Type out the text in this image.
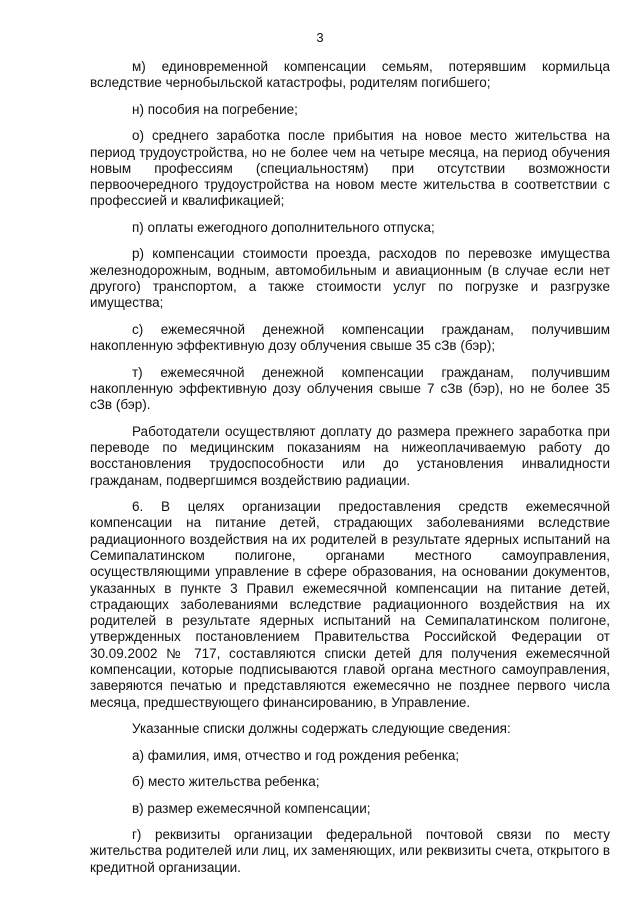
3

м) единовременной компенсации семьям, потерявшим кормильца вследствие чернобыльской катастрофы, родителям погибшего;

н) пособия на погребение;

о) среднего заработка после прибытия на новое место жительства на период трудоустройства, но не более чем на четыре месяца, на период обучения новым профессиям (специальностям) при отсутствии возможности первоочередного трудоустройства на новом месте жительства в соответствии с профессией и квалификацией;

п) оплаты ежегодного дополнительного отпуска;

р) компенсации стоимости проезда, расходов по перевозке имущества железнодорожным, водным, автомобильным и авиационным (в случае если нет другого) транспортом, а также стоимости услуг по погрузке и разгрузке имущества;

с) ежемесячной денежной компенсации гражданам, получившим накопленную эффективную дозу облучения свыше 35 сЗв (бэр);

т) ежемесячной денежной компенсации гражданам, получившим накопленную эффективную дозу облучения свыше 7 сЗв (бэр), но не более 35 сЗв (бэр).

Работодатели осуществляют доплату до размера прежнего заработка при переводе по медицинским показаниям на нижеоплачиваемую работу до восстановления трудоспособности или до установления инвалидности гражданам, подвергшимся воздействию радиации.

6. В целях организации предоставления средств ежемесячной компенсации на питание детей, страдающих заболеваниями вследствие радиационного воздействия на их родителей в результате ядерных испытаний на Семипалатинском полигоне, органами местного самоуправления, осуществляющими управление в сфере образования, на основании документов, указанных в пункте 3 Правил ежемесячной компенсации на питание детей, страдающих заболеваниями вследствие радиационного воздействия на их родителей в результате ядерных испытаний на Семипалатинском полигоне, утвержденных постановлением Правительства Российской Федерации от 30.09.2002 № 717, составляются списки детей для получения ежемесячной компенсации, которые подписываются главой органа местного самоуправления, заверяются печатью и представляются ежемесячно не позднее первого числа месяца, предшествующего финансированию, в Управление.

Указанные списки должны содержать следующие сведения:

а) фамилия, имя, отчество и год рождения ребенка;

б) место жительства ребенка;

в) размер ежемесячной компенсации;

г) реквизиты организации федеральной почтовой связи по месту жительства родителей или лиц, их заменяющих, или реквизиты счета, открытого в кредитной организации.
